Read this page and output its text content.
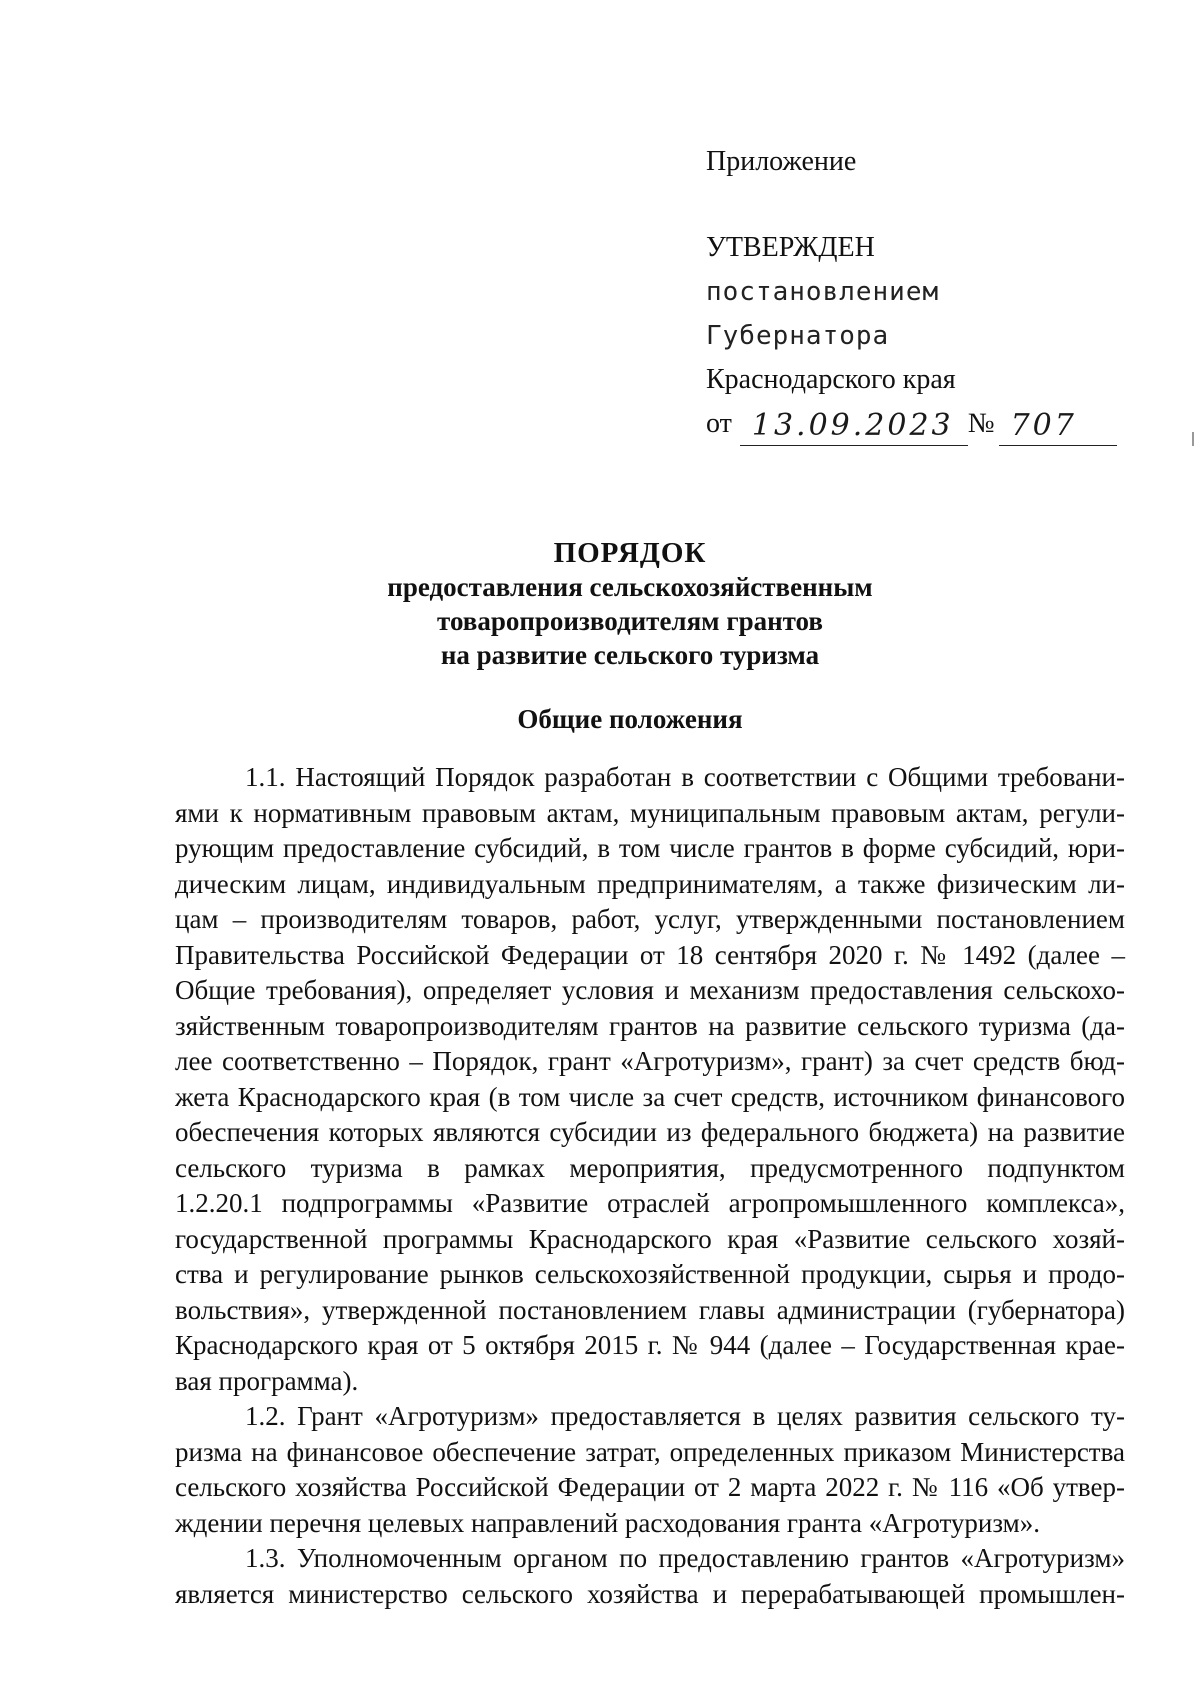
Приложение
УТВЕРЖДЕН
постановлением
Губернатора
Краснодарского края
от 13.09.2023 № 707
ПОРЯДОК
предоставления сельскохозяйственным
товаропроизводителям грантов
на развитие сельского туризма
Общие положения
1.1. Настоящий Порядок разработан в соответствии с Общими требовани-
ями к нормативным правовым актам, муниципальным правовым актам, регули-
рующим предоставление субсидий, в том числе грантов в форме субсидий, юри-
дическим лицам, индивидуальным предпринимателям, а также физическим ли-
цам – производителям товаров, работ, услуг, утвержденными постановлением
Правительства Российской Федерации от 18 сентября 2020 г. № 1492 (далее –
Общие требования), определяет условия и механизм предоставления сельскохо-
зяйственным товаропроизводителям грантов на развитие сельского туризма (да-
лее соответственно – Порядок, грант «Агротуризм», грант) за счет средств бюд-
жета Краснодарского края (в том числе за счет средств, источником финансового
обеспечения которых являются субсидии из федерального бюджета) на развитие
сельского туризма в рамках мероприятия, предусмотренного подпунктом
1.2.20.1 подпрограммы «Развитие отраслей агропромышленного комплекса»,
государственной программы Краснодарского края «Развитие сельского хозяй-
ства и регулирование рынков сельскохозяйственной продукции, сырья и продо-
вольствия», утвержденной постановлением главы администрации (губернатора)
Краснодарского края от 5 октября 2015 г. № 944 (далее – Государственная крае-
вая программа).
1.2. Грант «Агротуризм» предоставляется в целях развития сельского ту-
ризма на финансовое обеспечение затрат, определенных приказом Министерства
сельского хозяйства Российской Федерации от 2 марта 2022 г. № 116 «Об утвер-
ждении перечня целевых направлений расходования гранта «Агротуризм».
1.3. Уполномоченным органом по предоставлению грантов «Агротуризм»
является министерство сельского хозяйства и перерабатывающей промышлен-
